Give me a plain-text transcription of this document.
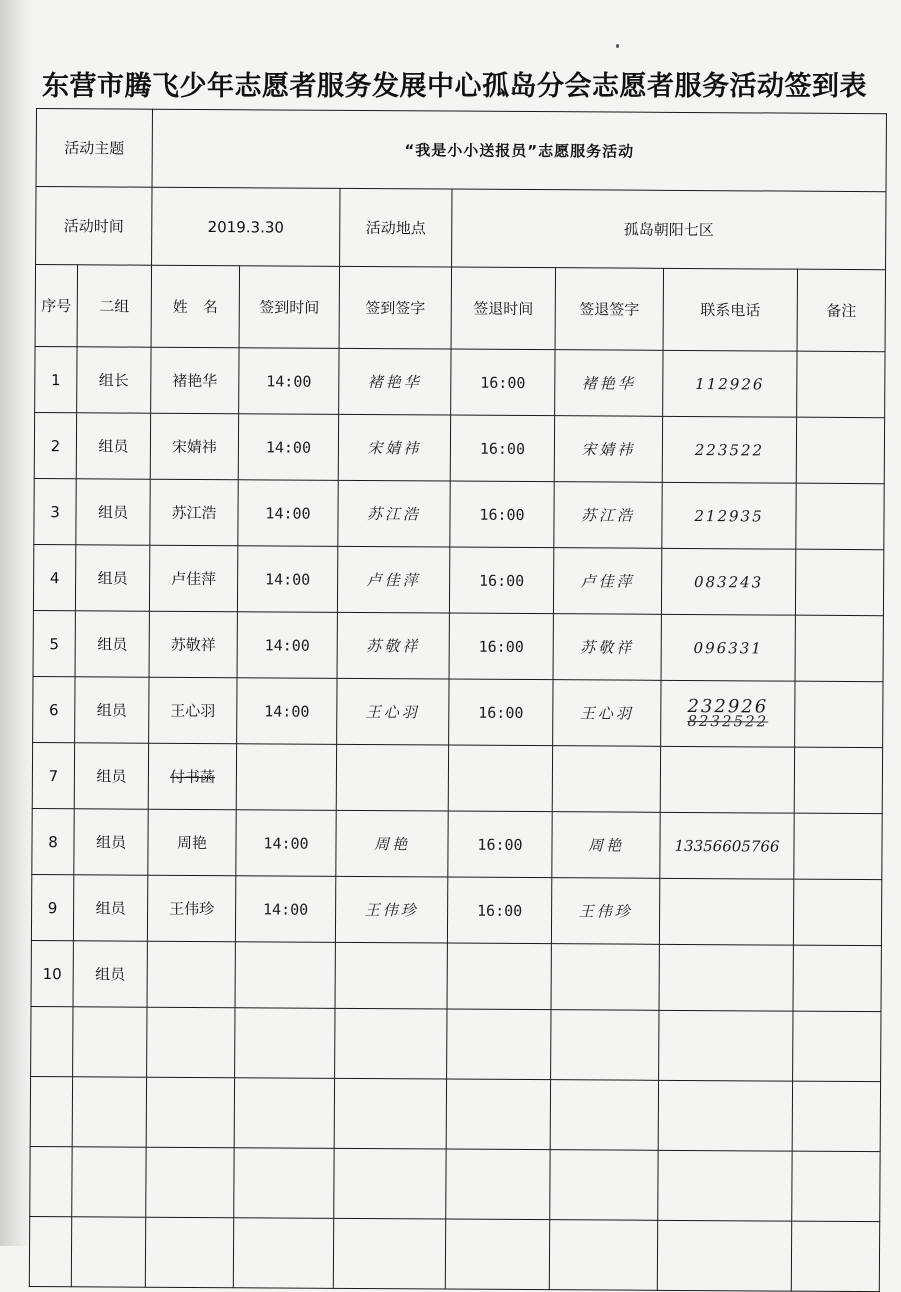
东营市腾飞少年志愿者服务发展中心孤岛分会志愿者服务活动签到表
活动主题		“我是小小送报员”志愿服务活动						
活动时间		2019.3.30		活动地点	孤岛朝阳七区			
序号	二组	姓　名	签到时间	签到签字	签退时间	签退签字	联系电话	备注
1	组长	褚艳华	14:00	褚艳华	16:00	褚艳华	112926	
2	组员	宋婧祎	14:00	宋婧祎	16:00	宋婧祎	223522	
3	组员	苏江浩	14:00	苏江浩	16:00	苏江浩	212935	
4	组员	卢佳萍	14:00	卢佳萍	16:00	卢佳萍	083243	
5	组员	苏敬祥	14:00	苏敬祥	16:00	苏敬祥	096331	
6	组员	王心羽	14:00	王心羽	16:00	王心羽	232926
8232522	

7	组员	付书菡						
8	组员	周艳	14:00	周艳	16:00	周艳	13356605766	
9	组员	王伟珍	14:00	王伟珍	16:00	王伟珍		
10	组员							
